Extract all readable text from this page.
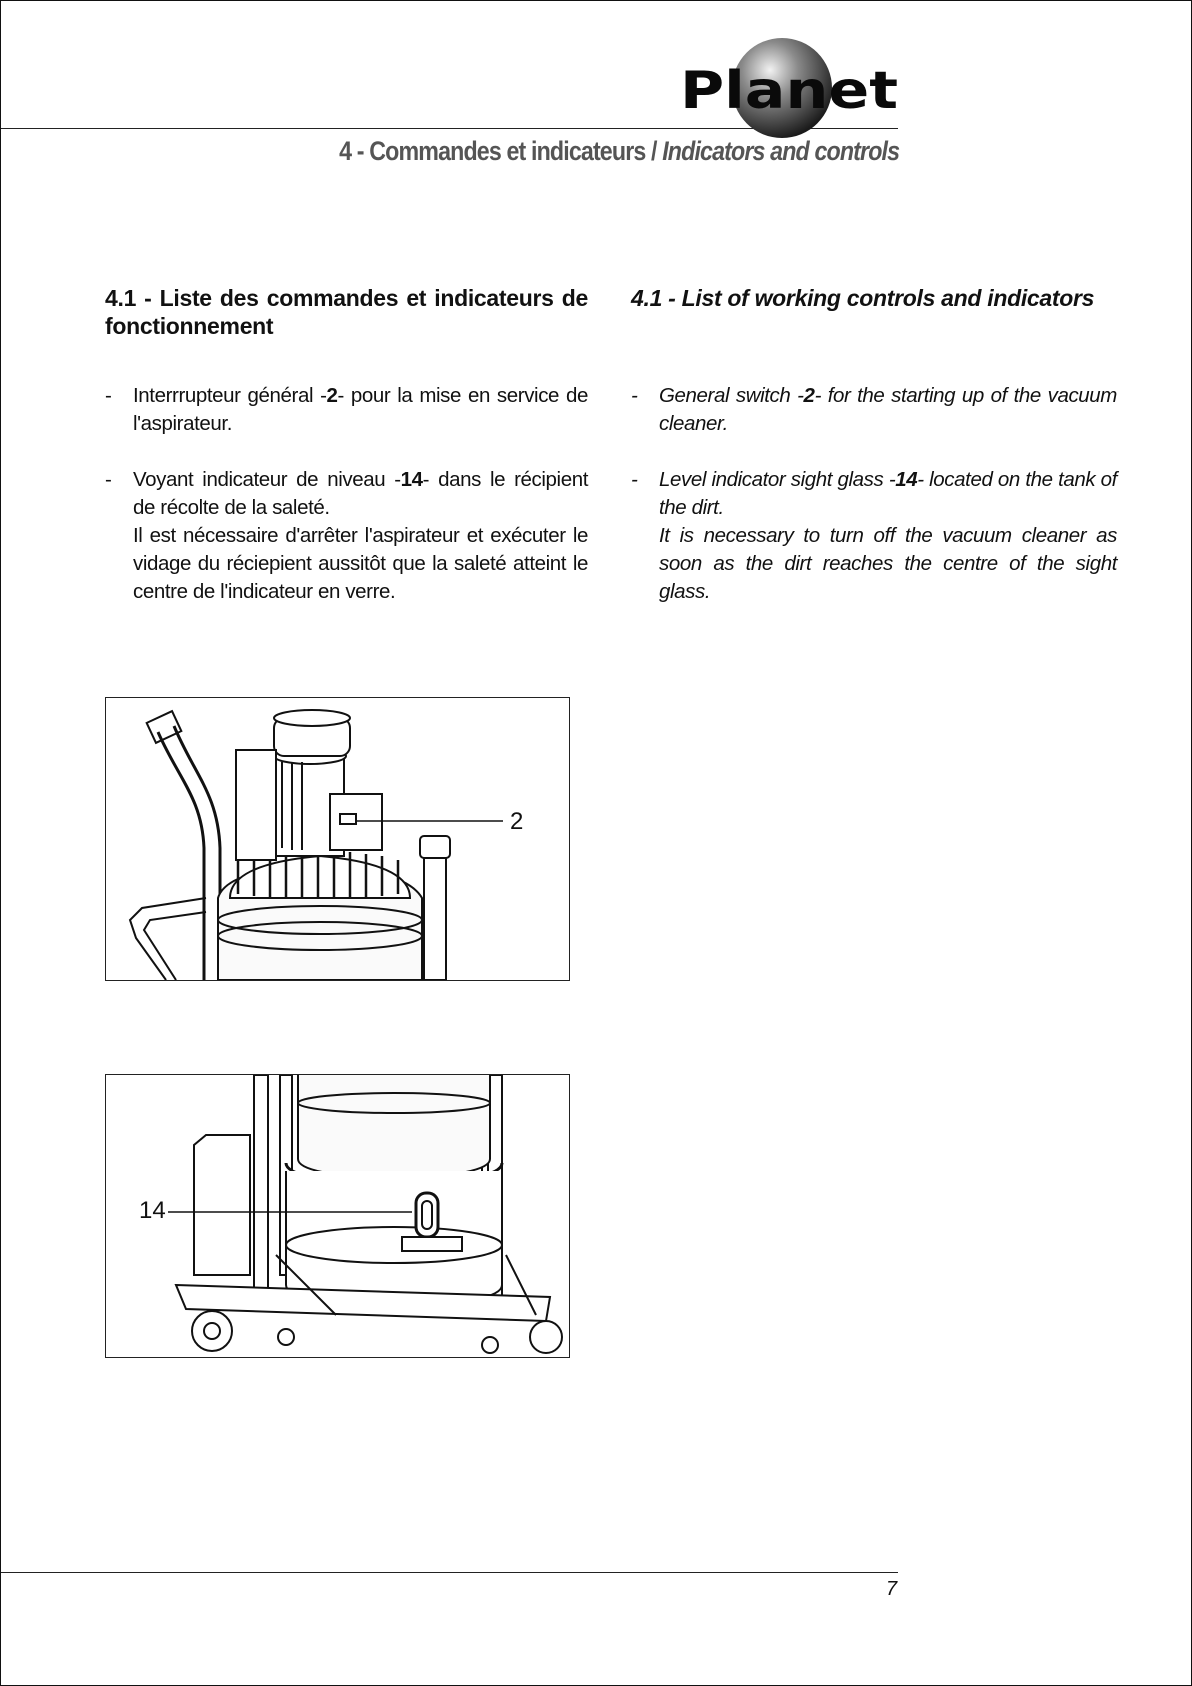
Planet
4 - Commandes et indicateurs / Indicators and controls
4.1 - Liste des commandes et indicateurs de fonctionnement
- Interrrupteur général -2- pour la mise en service de l'aspirateur.
- Voyant indicateur de niveau -14- dans le récipient de récolte de la saleté.
Il est nécessaire d'arrêter l'aspirateur et exécuter le vidage du réciepient aussitôt que la saleté atteint le centre de l'indicateur en verre.
4.1 - List of working controls and indicators
- General switch -2- for the starting up of the vacuum cleaner.
- Level indicator sight glass -14- located on the tank of the dirt.
It is necessary to turn off the vacuum cleaner as soon as the dirt reaches the centre of the sight glass.
2
14
7
